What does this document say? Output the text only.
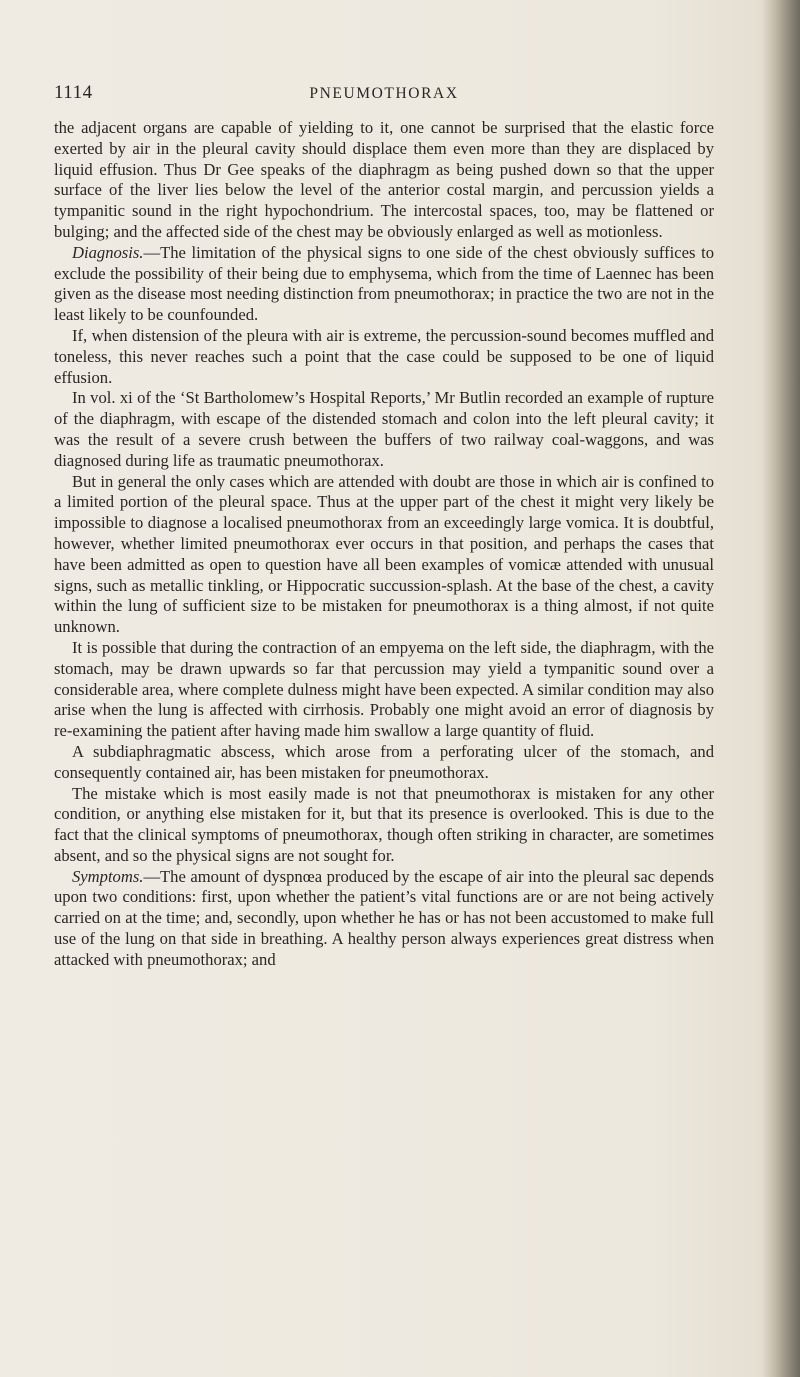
1114	PNEUMOTHORAX

the adjacent organs are capable of yielding to it, one cannot be surprised that the elastic force exerted by air in the pleural cavity should displace them even more than they are displaced by liquid effusion. Thus Dr Gee speaks of the diaphragm as being pushed down so that the upper surface of the liver lies below the level of the anterior costal margin, and percussion yields a tympanitic sound in the right hypochondrium. The intercostal spaces, too, may be flattened or bulging; and the affected side of the chest may be obviously enlarged as well as motionless.

Diagnosis.—The limitation of the physical signs to one side of the chest obviously suffices to exclude the possibility of their being due to emphysema, which from the time of Laennec has been given as the disease most needing distinction from pneumothorax; in practice the two are not in the least likely to be counfounded.

If, when distension of the pleura with air is extreme, the percussion-sound becomes muffled and toneless, this never reaches such a point that the case could be supposed to be one of liquid effusion.

In vol. xi of the ‘St Bartholomew’s Hospital Reports,’ Mr Butlin recorded an example of rupture of the diaphragm, with escape of the distended stomach and colon into the left pleural cavity; it was the result of a severe crush between the buffers of two railway coal-waggons, and was diagnosed during life as traumatic pneumothorax.

But in general the only cases which are attended with doubt are those in which air is confined to a limited portion of the pleural space. Thus at the upper part of the chest it might very likely be impossible to diagnose a localised pneumothorax from an exceedingly large vomica. It is doubtful, however, whether limited pneumothorax ever occurs in that position, and perhaps the cases that have been admitted as open to question have all been examples of vomicæ attended with unusual signs, such as metallic tinkling, or Hippocratic succussion-splash. At the base of the chest, a cavity within the lung of sufficient size to be mistaken for pneumothorax is a thing almost, if not quite unknown.

It is possible that during the contraction of an empyema on the left side, the diaphragm, with the stomach, may be drawn upwards so far that percussion may yield a tympanitic sound over a considerable area, where complete dulness might have been expected. A similar condition may also arise when the lung is affected with cirrhosis. Probably one might avoid an error of diagnosis by re-examining the patient after having made him swallow a large quantity of fluid.

A subdiaphragmatic abscess, which arose from a perforating ulcer of the stomach, and consequently contained air, has been mistaken for pneumothorax.

The mistake which is most easily made is not that pneumothorax is mistaken for any other condition, or anything else mistaken for it, but that its presence is overlooked. This is due to the fact that the clinical symptoms of pneumothorax, though often striking in character, are sometimes absent, and so the physical signs are not sought for.

Symptoms.—The amount of dyspnœa produced by the escape of air into the pleural sac depends upon two conditions: first, upon whether the patient’s vital functions are or are not being actively carried on at the time; and, secondly, upon whether he has or has not been accustomed to make full use of the lung on that side in breathing. A healthy person always experiences great distress when attacked with pneumothorax; and
